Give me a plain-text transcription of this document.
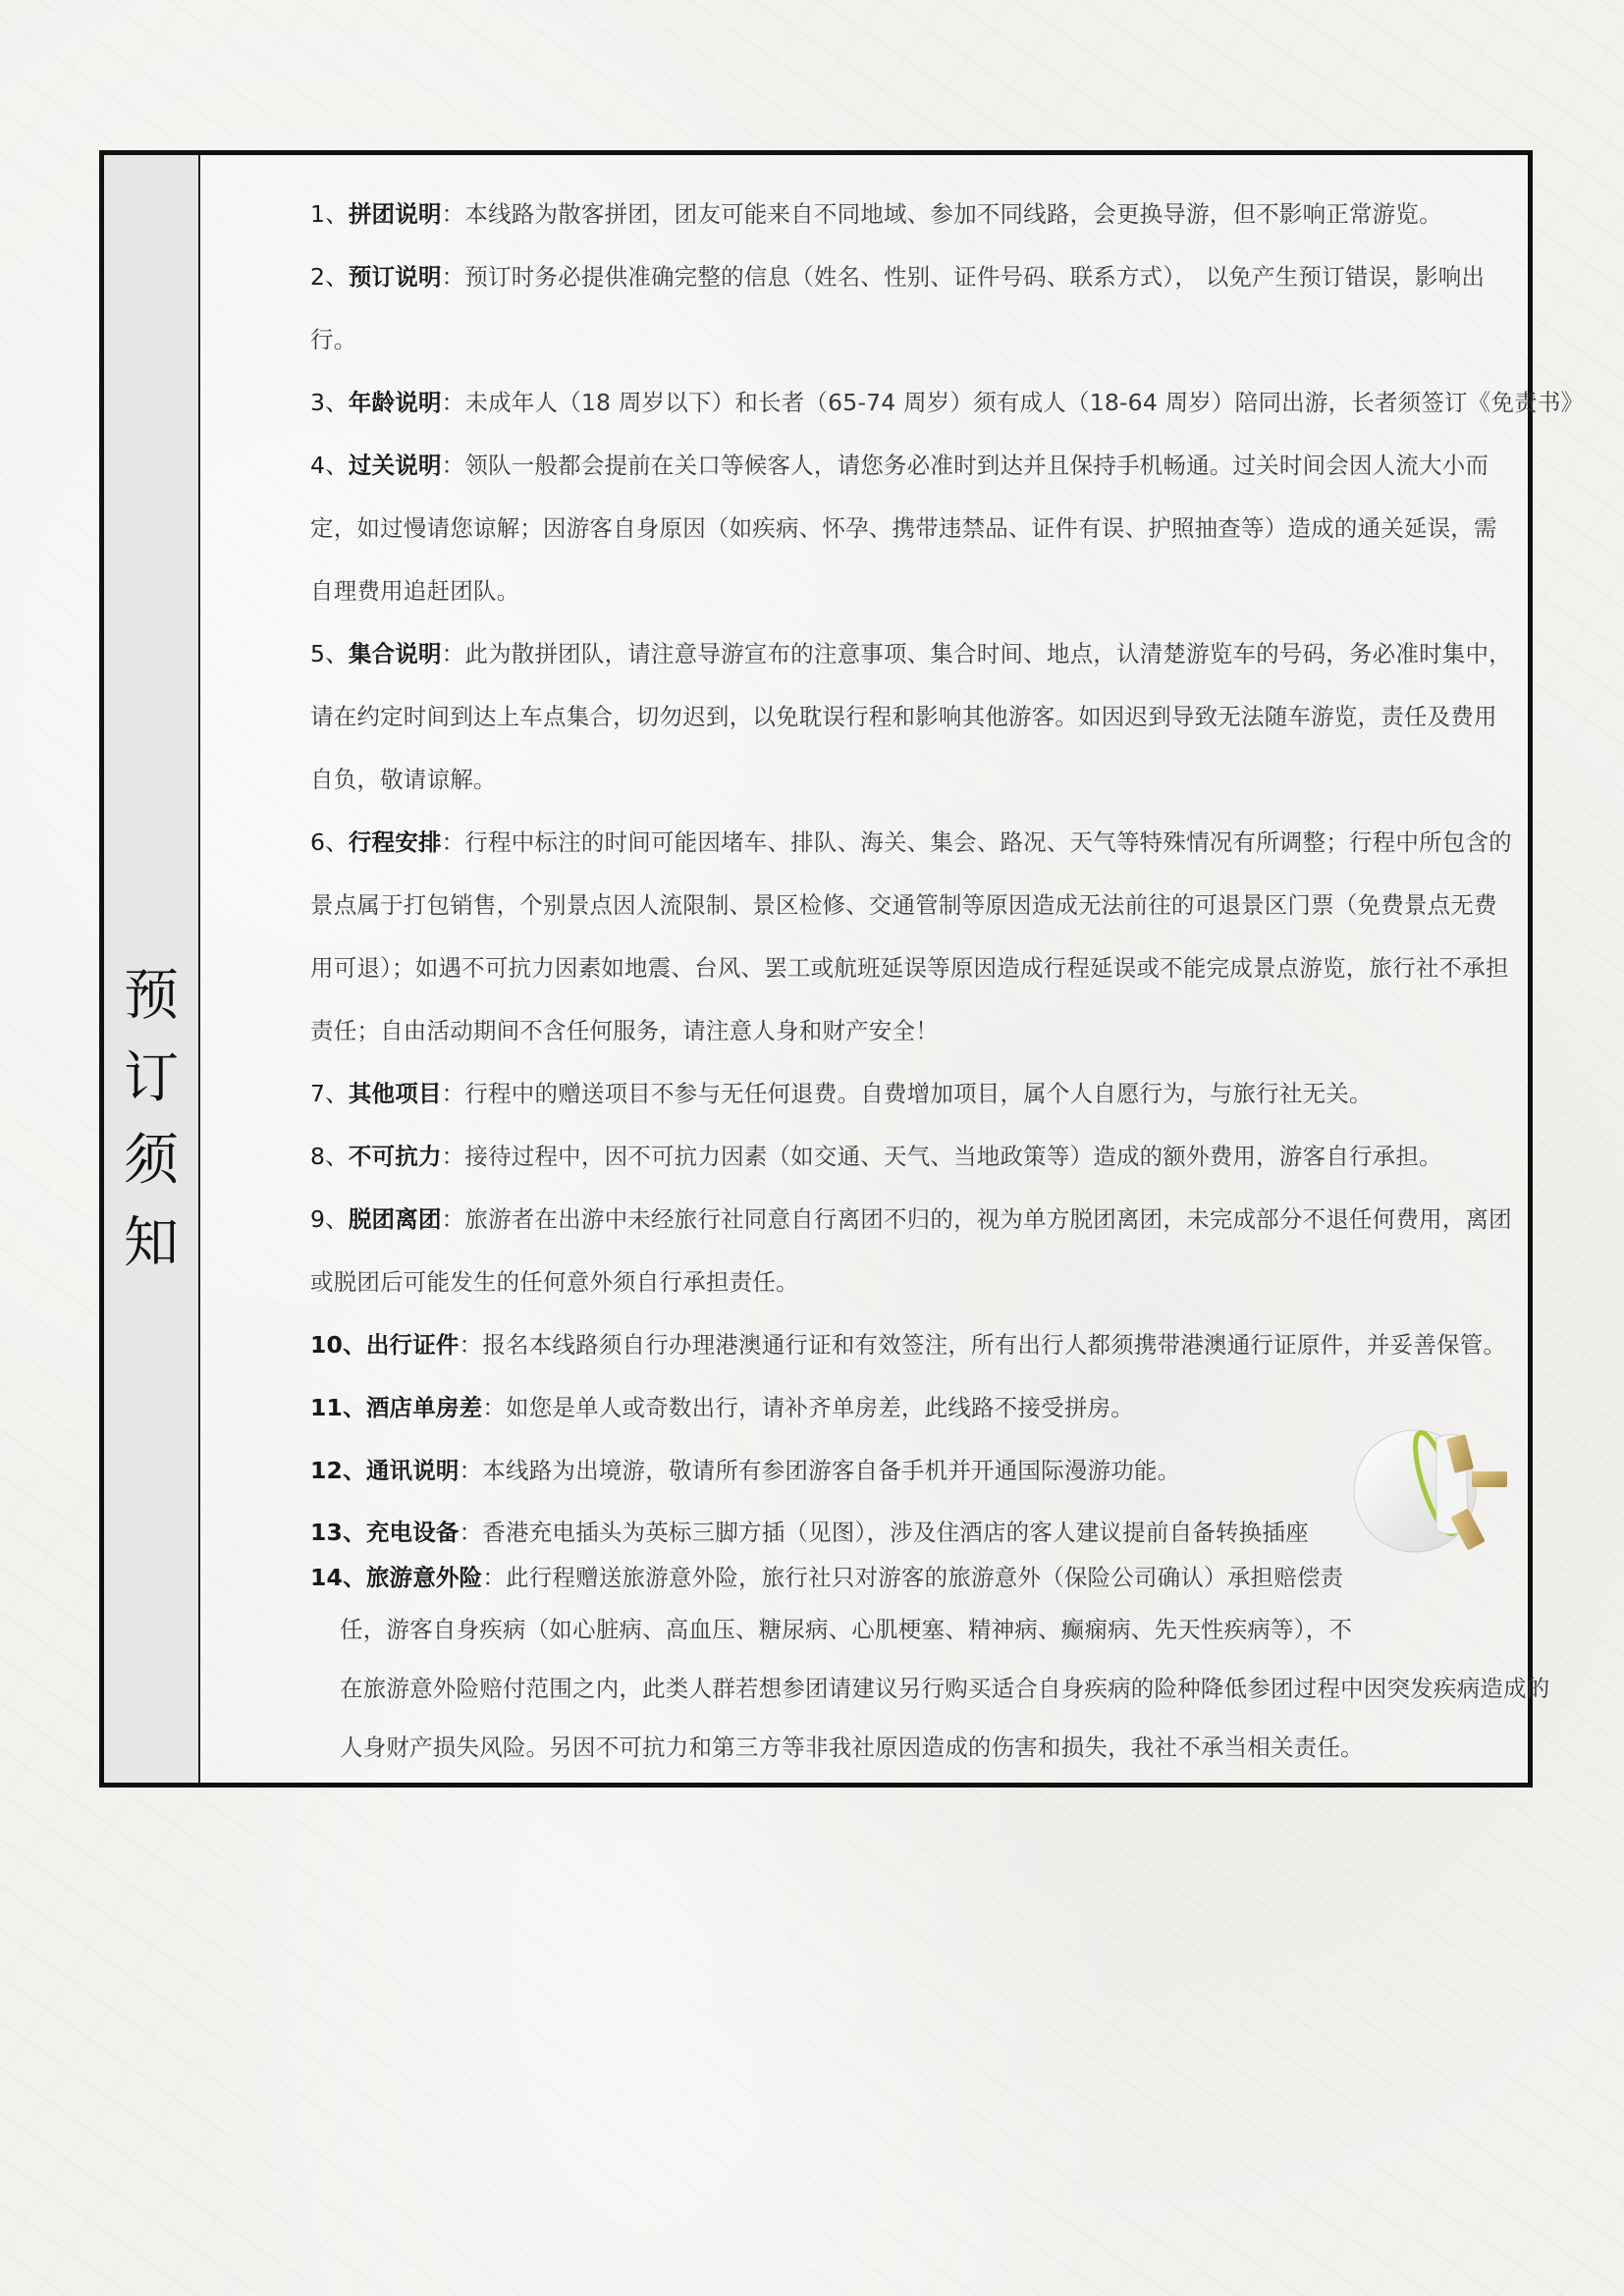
预
订
须
知

1、拼团说明：本线路为散客拼团，团友可能来自不同地域、参加不同线路，会更换导游，但不影响正常游览。

2、预订说明：预订时务必提供准确完整的信息（姓名、性别、证件号码、联系方式）， 以免产生预订错误，影响出行。

3、年龄说明：未成年人（18 周岁以下）和长者（65-74 周岁）须有成人（18-64 周岁）陪同出游，长者须签订《免责书》

4、过关说明：领队一般都会提前在关口等候客人，请您务必准时到达并且保持手机畅通。过关时间会因人流大小而定，如过慢请您谅解；因游客自身原因（如疾病、怀孕、携带违禁品、证件有误、护照抽查等）造成的通关延误，需自理费用追赶团队。

5、集合说明：此为散拼团队，请注意导游宣布的注意事项、集合时间、地点，认清楚游览车的号码，务必准时集中，请在约定时间到达上车点集合，切勿迟到，以免耽误行程和影响其他游客。如因迟到导致无法随车游览，责任及费用自负，敬请谅解。

6、行程安排：行程中标注的时间可能因堵车、排队、海关、集会、路况、天气等特殊情况有所调整；行程中所包含的景点属于打包销售，个别景点因人流限制、景区检修、交通管制等原因造成无法前往的可退景区门票（免费景点无费用可退）；如遇不可抗力因素如地震、台风、罢工或航班延误等原因造成行程延误或不能完成景点游览，旅行社不承担责任；自由活动期间不含任何服务，请注意人身和财产安全！

7、其他项目：行程中的赠送项目不参与无任何退费。自费增加项目，属个人自愿行为，与旅行社无关。

8、不可抗力：接待过程中，因不可抗力因素（如交通、天气、当地政策等）造成的额外费用，游客自行承担。

9、脱团离团：旅游者在出游中未经旅行社同意自行离团不归的，视为单方脱团离团，未完成部分不退任何费用，离团或脱团后可能发生的任何意外须自行承担责任。

10、出行证件：报名本线路须自行办理港澳通行证和有效签注，所有出行人都须携带港澳通行证原件，并妥善保管。

11、酒店单房差：如您是单人或奇数出行，请补齐单房差，此线路不接受拼房。

12、通讯说明：本线路为出境游，敬请所有参团游客自备手机并开通国际漫游功能。

13、充电设备：香港充电插头为英标三脚方插（见图），涉及住酒店的客人建议提前自备转换插座

14、旅游意外险：此行程赠送旅游意外险，旅行社只对游客的旅游意外（保险公司确认）承担赔偿责
任，游客自身疾病（如心脏病、高血压、糖尿病、心肌梗塞、精神病、癫痫病、先天性疾病等），不
在旅游意外险赔付范围之内，此类人群若想参团请建议另行购买适合自身疾病的险种降低参团过程中因突发疾病造成的
人身财产损失风险。另因不可抗力和第三方等非我社原因造成的伤害和损失，我社不承当相关责任。
